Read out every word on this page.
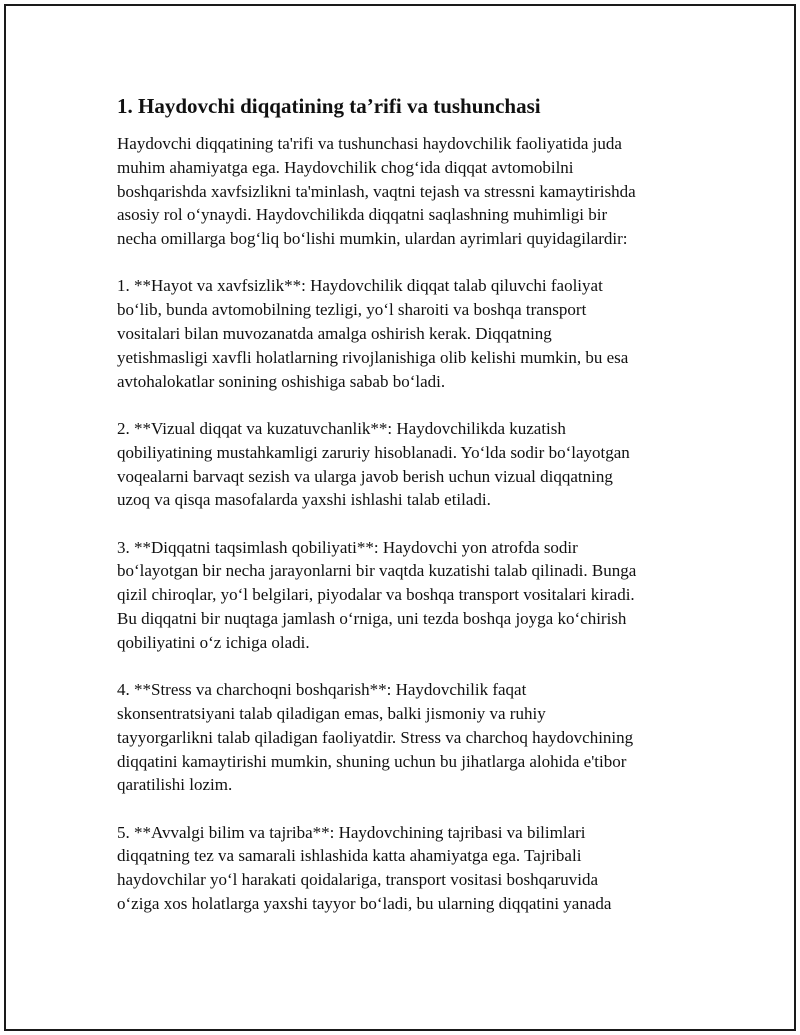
1. Haydovchi diqqatining ta’rifi va tushunchasi

Haydovchi diqqatining ta'rifi va tushunchasi haydovchilik faoliyatida juda
muhim ahamiyatga ega. Haydovchilik chog‘ida diqqat avtomobilni
boshqarishda xavfsizlikni ta'minlash, vaqtni tejash va stressni kamaytirishda
asosiy rol o‘ynaydi. Haydovchilikda diqqatni saqlashning muhimligi bir
necha omillarga bog‘liq bo‘lishi mumkin, ulardan ayrimlari quyidagilardir:

1. **Hayot va xavfsizlik**: Haydovchilik diqqat talab qiluvchi faoliyat
bo‘lib, bunda avtomobilning tezligi, yo‘l sharoiti va boshqa transport
vositalari bilan muvozanatda amalga oshirish kerak. Diqqatning
yetishmasligi xavfli holatlarning rivojlanishiga olib kelishi mumkin, bu esa
avtohalokatlar sonining oshishiga sabab bo‘ladi.

2. **Vizual diqqat va kuzatuvchanlik**: Haydovchilikda kuzatish
qobiliyatining mustahkamligi zaruriy hisoblanadi. Yo‘lda sodir bo‘layotgan
voqealarni barvaqt sezish va ularga javob berish uchun vizual diqqatning
uzoq va qisqa masofalarda yaxshi ishlashi talab etiladi.

3. **Diqqatni taqsimlash qobiliyati**: Haydovchi yon atrofda sodir
bo‘layotgan bir necha jarayonlarni bir vaqtda kuzatishi talab qilinadi. Bunga
qizil chiroqlar, yo‘l belgilari, piyodalar va boshqa transport vositalari kiradi.
Bu diqqatni bir nuqtaga jamlash o‘rniga, uni tezda boshqa joyga ko‘chirish
qobiliyatini o‘z ichiga oladi.

4. **Stress va charchoqni boshqarish**: Haydovchilik faqat
skonsentratsiyani talab qiladigan emas, balki jismoniy va ruhiy
tayyorgarlikni talab qiladigan faoliyatdir. Stress va charchoq haydovchining
diqqatini kamaytirishi mumkin, shuning uchun bu jihatlarga alohida e'tibor
qaratilishi lozim.

5. **Avvalgi bilim va tajriba**: Haydovchining tajribasi va bilimlari
diqqatning tez va samarali ishlashida katta ahamiyatga ega. Tajribali
haydovchilar yo‘l harakati qoidalariga, transport vositasi boshqaruvida
o‘ziga xos holatlarga yaxshi tayyor bo‘ladi, bu ularning diqqatini yanada
